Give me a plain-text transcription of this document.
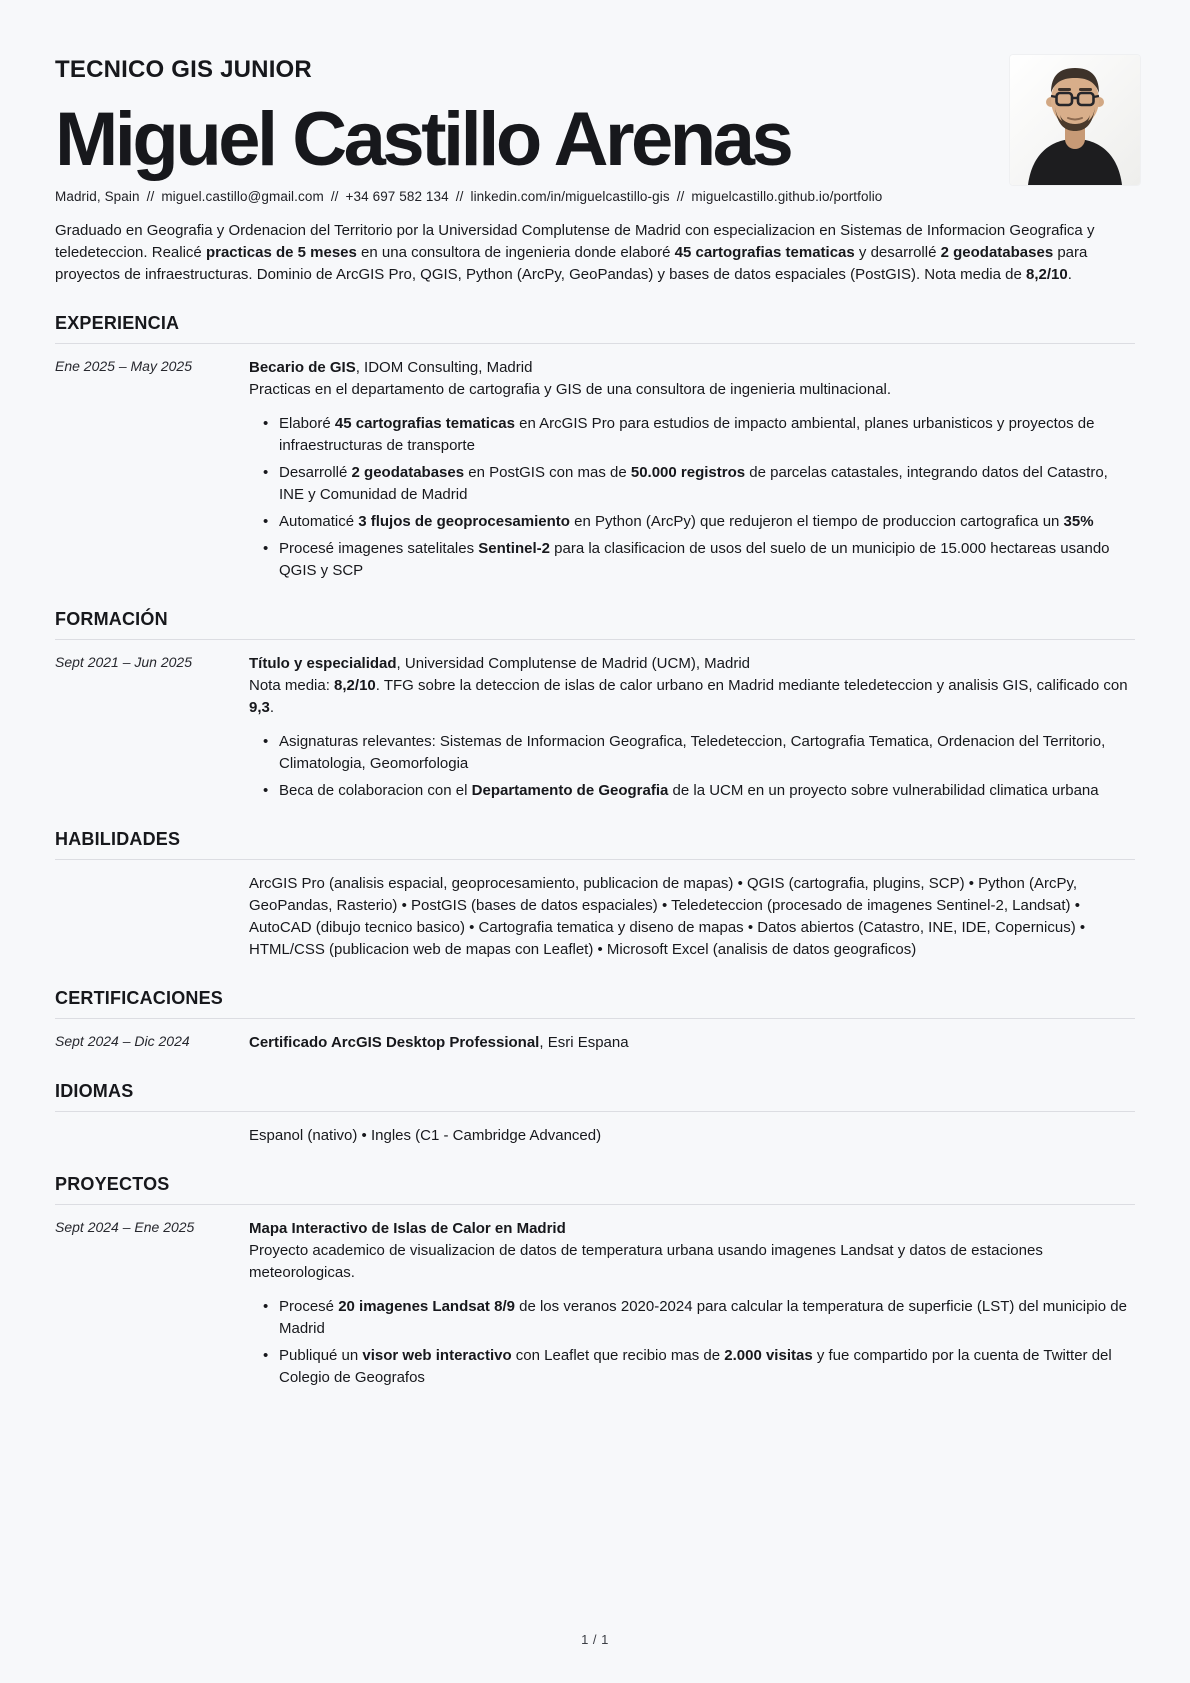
TECNICO GIS JUNIOR
Miguel Castillo Arenas
Madrid, Spain // miguel.castillo@gmail.com // +34 697 582 134 // linkedin.com/in/miguelcastillo-gis // miguelcastillo.github.io/portfolio

Graduado en Geografia y Ordenacion del Territorio por la Universidad Complutense de Madrid con especializacion en Sistemas de Informacion Geografica y teledeteccion. Realicé practicas de 5 meses en una consultora de ingenieria donde elaboré 45 cartografias tematicas y desarrollé 2 geodatabases para proyectos de infraestructuras. Dominio de ArcGIS Pro, QGIS, Python (ArcPy, GeoPandas) y bases de datos espaciales (PostGIS). Nota media de 8,2/10.

EXPERIENCIA
Ene 2025 – May 2025	Becario de GIS, IDOM Consulting, Madrid

Practicas en el departamento de cartografia y GIS de una consultora de ingenieria multinacional.

• Elaboré 45 cartografias tematicas en ArcGIS Pro para estudios de impacto ambiental, planes urbanisticos y proyectos de infraestructuras de transporte
• Desarrollé 2 geodatabases en PostGIS con mas de 50.000 registros de parcelas catastales, integrando datos del Catastro, INE y Comunidad de Madrid
• Automaticé 3 flujos de geoprocesamiento en Python (ArcPy) que redujeron el tiempo de produccion cartografica un 35%
• Procesé imagenes satelitales Sentinel-2 para la clasificacion de usos del suelo de un municipio de 15.000 hectareas usando QGIS y SCP
FORMACIÓN
Sept 2021 – Jun 2025	Título y especialidad, Universidad Complutense de Madrid (UCM), Madrid

Nota media: 8,2/10. TFG sobre la deteccion de islas de calor urbano en Madrid mediante teledeteccion y analisis GIS, calificado con 9,3.

• Asignaturas relevantes: Sistemas de Informacion Geografica, Teledeteccion, Cartografia Tematica, Ordenacion del Territorio, Climatologia, Geomorfologia
• Beca de colaboracion con el Departamento de Geografia de la UCM en un proyecto sobre vulnerabilidad climatica urbana
HABILIDADES

ArcGIS Pro (analisis espacial, geoprocesamiento, publicacion de mapas) • QGIS (cartografia, plugins, SCP) • Python (ArcPy, GeoPandas, Rasterio) • PostGIS (bases de datos espaciales) • Teledeteccion (procesado de imagenes Sentinel-2, Landsat) • AutoCAD (dibujo tecnico basico) • Cartografia tematica y diseno de mapas • Datos abiertos (Catastro, INE, IDE, Copernicus) • HTML/CSS (publicacion web de mapas con Leaflet) • Microsoft Excel (analisis de datos geograficos)

CERTIFICACIONES
Sept 2024 – Dic 2024	Certificado ArcGIS Desktop Professional, Esri Espana

IDIOMAS

Espanol (nativo) • Ingles (C1 - Cambridge Advanced)

PROYECTOS
Sept 2024 – Ene 2025	Mapa Interactivo de Islas de Calor en Madrid

Proyecto academico de visualizacion de datos de temperatura urbana usando imagenes Landsat y datos de estaciones meteorologicas.

• Procesé 20 imagenes Landsat 8/9 de los veranos 2020-2024 para calcular la temperatura de superficie (LST) del municipio de Madrid
• Publiqué un visor web interactivo con Leaflet que recibio mas de 2.000 visitas y fue compartido por la cuenta de Twitter del Colegio de Geografos
1 / 1
